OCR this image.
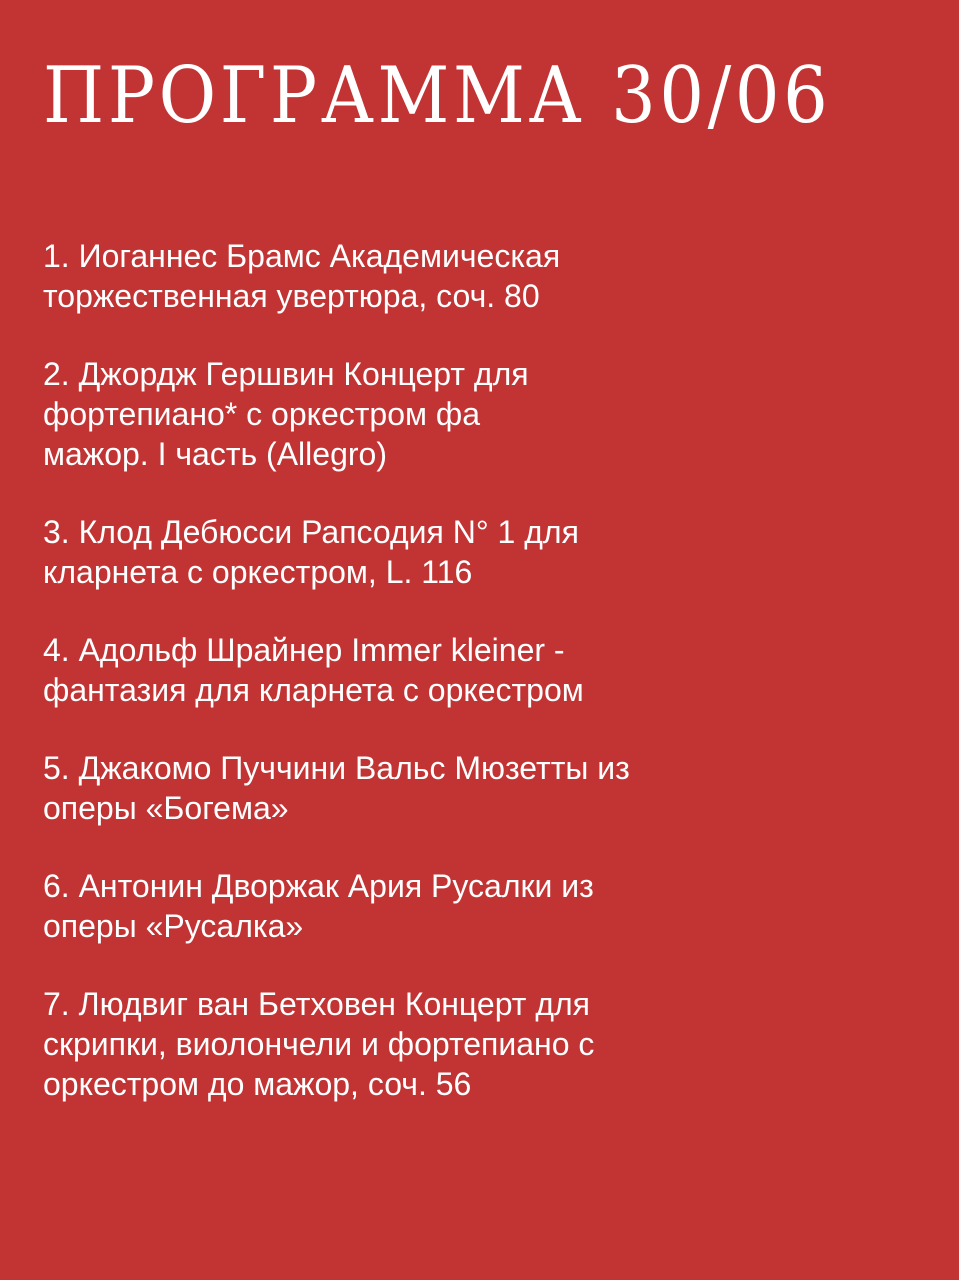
ПРОГРАММА 30/06
1. Иоганнес Брамс Академическая
торжественная увертюра, соч. 80
2. Джордж Гершвин Концерт для
фортепиано* с оркестром фа
мажор. I часть (Allegro)
3. Клод Дебюсси Рапсодия N° 1 для
кларнета с оркестром, L. 116
4. Адольф Шрайнер Immer kleiner -
фантазия для кларнета с оркестром
5. Джакомо Пуччини Вальс Мюзетты из
оперы «Богема»
6. Антонин Дворжак Ария Русалки из
оперы «Русалка»
7. Людвиг ван Бетховен Концерт для
скрипки, виолончели и фортепиано с
оркестром до мажор, соч. 56
